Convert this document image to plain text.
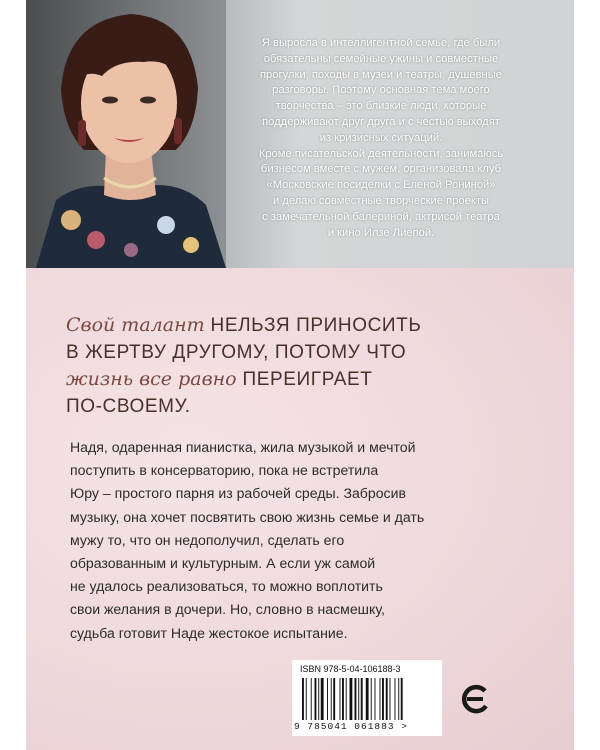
Я выросла в интеллигентной семье, где были

обязательны семейные ужины и совместные

прогулки, походы в музеи и театры, душевные

разговоры. Поэтому основная тема моего

творчества – это близкие люди, которые

поддерживают друг друга и с честью выходят

из кризисных ситуаций.

Кроме писательской деятельности, занимаюсь

бизнесом вместе с мужем, организовала клуб

«Московские посиделки с Еленой Рониной»

и делаю совместные творческие проекты

с замечательной балериной, актрисой театра

и кино Илзе Лиепой.

Свой талант НЕЛЬЗЯ ПРИНОСИТЬ
В ЖЕРТВУ ДРУГОМУ, ПОТОМУ ЧТО
жизнь все равно ПЕРЕИГРАЕТ
ПО-СВОЕМУ.
Надя, одаренная пианистка, жила музыкой и мечтой
поступить в консерваторию, пока не встретила
Юру – простого парня из рабочей среды. Забросив
музыку, она хочет посвятить свою жизнь семье и дать
мужу то, что он недополучил, сделать его
образованным и культурным. А если уж самой
не удалось реализоваться, то можно воплотить
свои желания в дочери. Но, словно в насмешку,
судьба готовит Наде жестокое испытание.
ISBN 978-5-04-106188-3
9 785041 061883 >
